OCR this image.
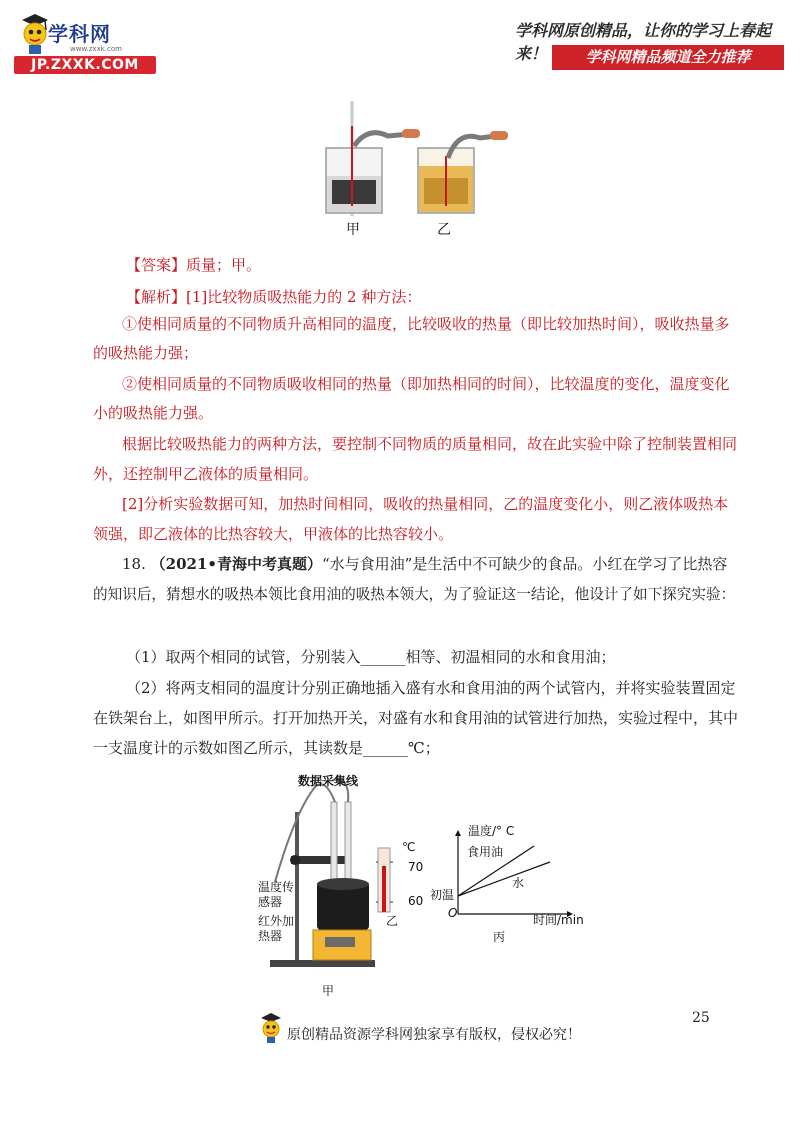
学科网
www.zxxk.com
JP.ZXXK.COM
学科网原创精品，让你的学习上春起来！	学科网精品频道全力推荐
甲	乙
【答案】质量；甲。
【解析】[1]比较物质吸热能力的 2 种方法：
①使相同质量的不同物质升高相同的温度，比较吸收的热量（即比较加热时间），吸收热量多
的吸热能力强；
②使相同质量的不同物质吸收相同的热量（即加热相同的时间），比较温度的变化，温度变化
小的吸热能力强。
根据比较吸热能力的两种方法，要控制不同物质的质量相同，故在此实验中除了控制装置相同
外，还控制甲乙液体的质量相同。
[2]分析实验数据可知，加热时间相同，吸收的热量相同，乙的温度变化小，则乙液体吸热本
领强，即乙液体的比热容较大，甲液体的比热容较小。
18. （2021•青海中考真题）“水与食用油”是生活中不可缺少的食品。小红在学习了比热容
的知识后，猜想水的吸热本领比食用油的吸热本领大，为了验证这一结论，他设计了如下探究实验：
（1）取两个相同的试管，分别装入______相等、初温相同的水和食用油；
（2）将两支相同的温度计分别正确地插入盛有水和食用油的两个试管内，并将实验装置固定
在铁架台上，如图甲所示。打开加热开关，对盛有水和食用油的试管进行加热，实验过程中，其中
一支温度计的示数如图乙所示，其读数是______℃；
数据采集线
温度传
感器
红外加
热器
甲
℃
70
60
乙
温度/° C
食用油
水
初温
O	时间/min
丙
25
原创精品资源学科网独家享有版权，侵权必究！
